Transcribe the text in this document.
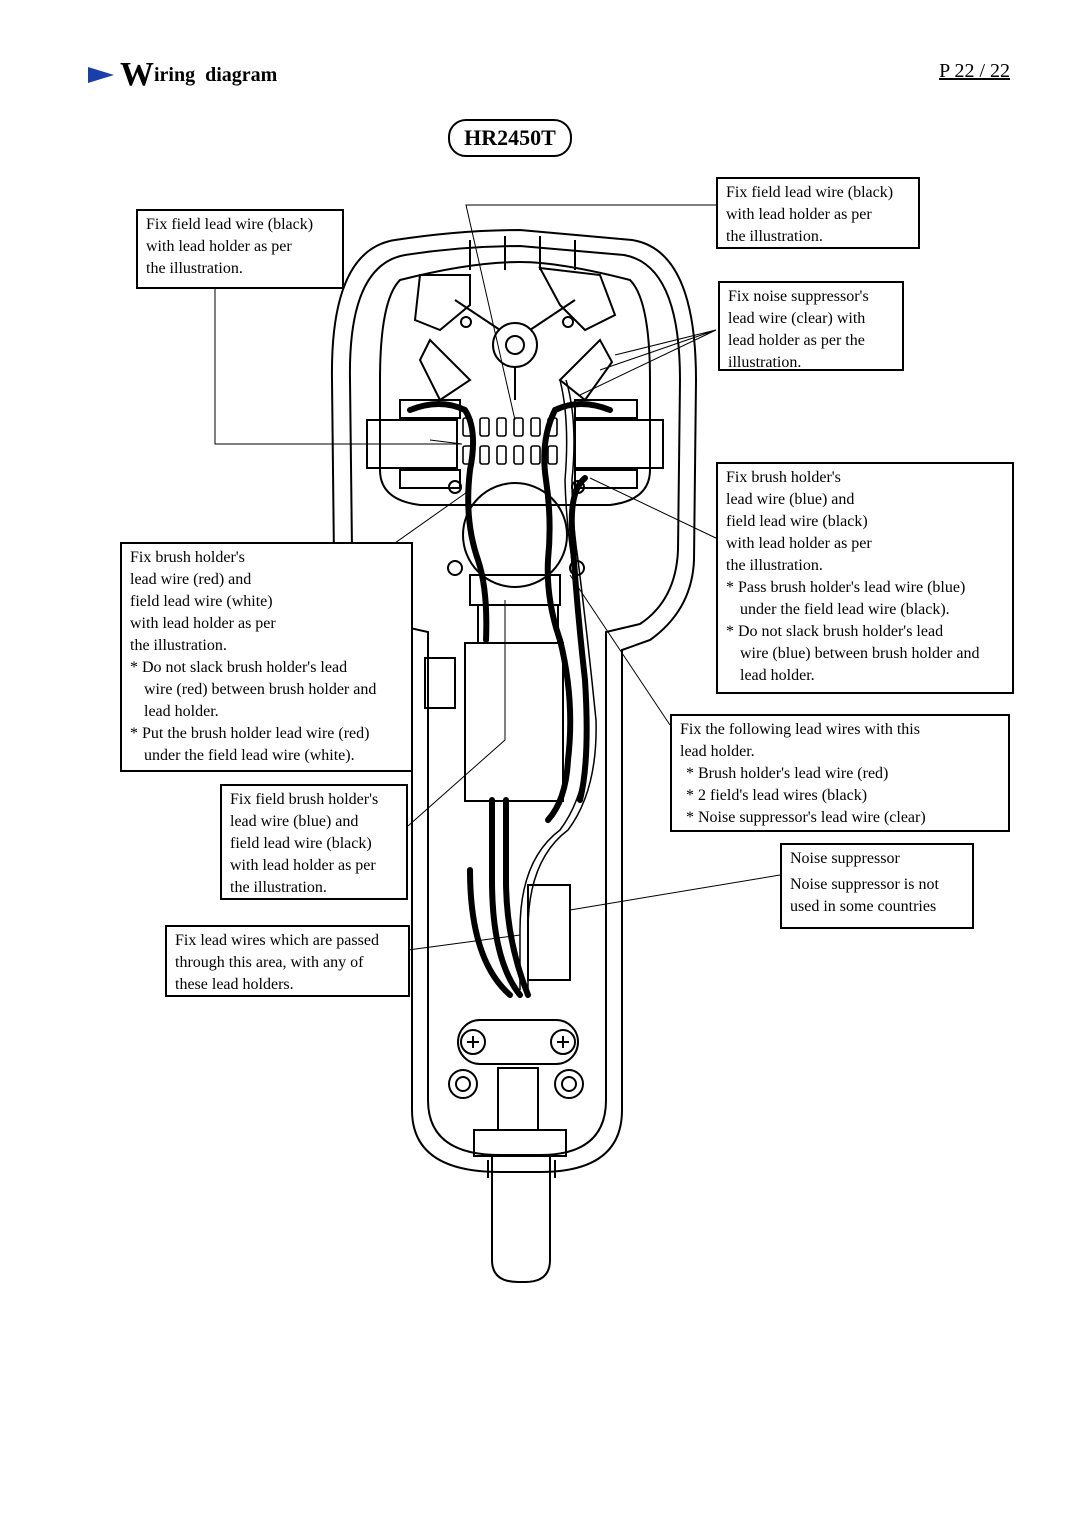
W iring  diagram	P 22 / 22
HR2450T

Fix field lead wire (black)

with lead holder as per

the illustration.

Fix field lead wire (black)

with lead holder as per

the illustration.

Fix noise suppressor's

lead wire (clear) with

lead holder as per the

illustration.

Fix brush holder's

lead wire (blue) and

field lead wire (black)

with lead holder as per

the illustration.

* Pass brush holder's lead wire (blue)

under the field lead wire (black).

* Do not slack brush holder's lead

wire (blue) between brush holder and

lead holder.

Fix brush holder's

lead wire (red) and

field lead wire (white)

with lead holder as per

the illustration.

* Do not slack brush holder's lead

wire (red) between brush holder and

lead holder.

* Put the brush holder lead wire (red)

under the field lead wire (white).

Fix the following lead wires with this

lead holder.

* Brush holder's lead wire (red)

* 2 field's lead wires (black)

* Noise suppressor's lead wire (clear)

Fix field brush holder's

lead wire (blue) and

field lead wire (black)

with lead holder as per

the illustration.

Noise suppressor

Noise suppressor is not

used in some countries

Fix lead wires which are passed

through this area, with any of

these lead holders.
